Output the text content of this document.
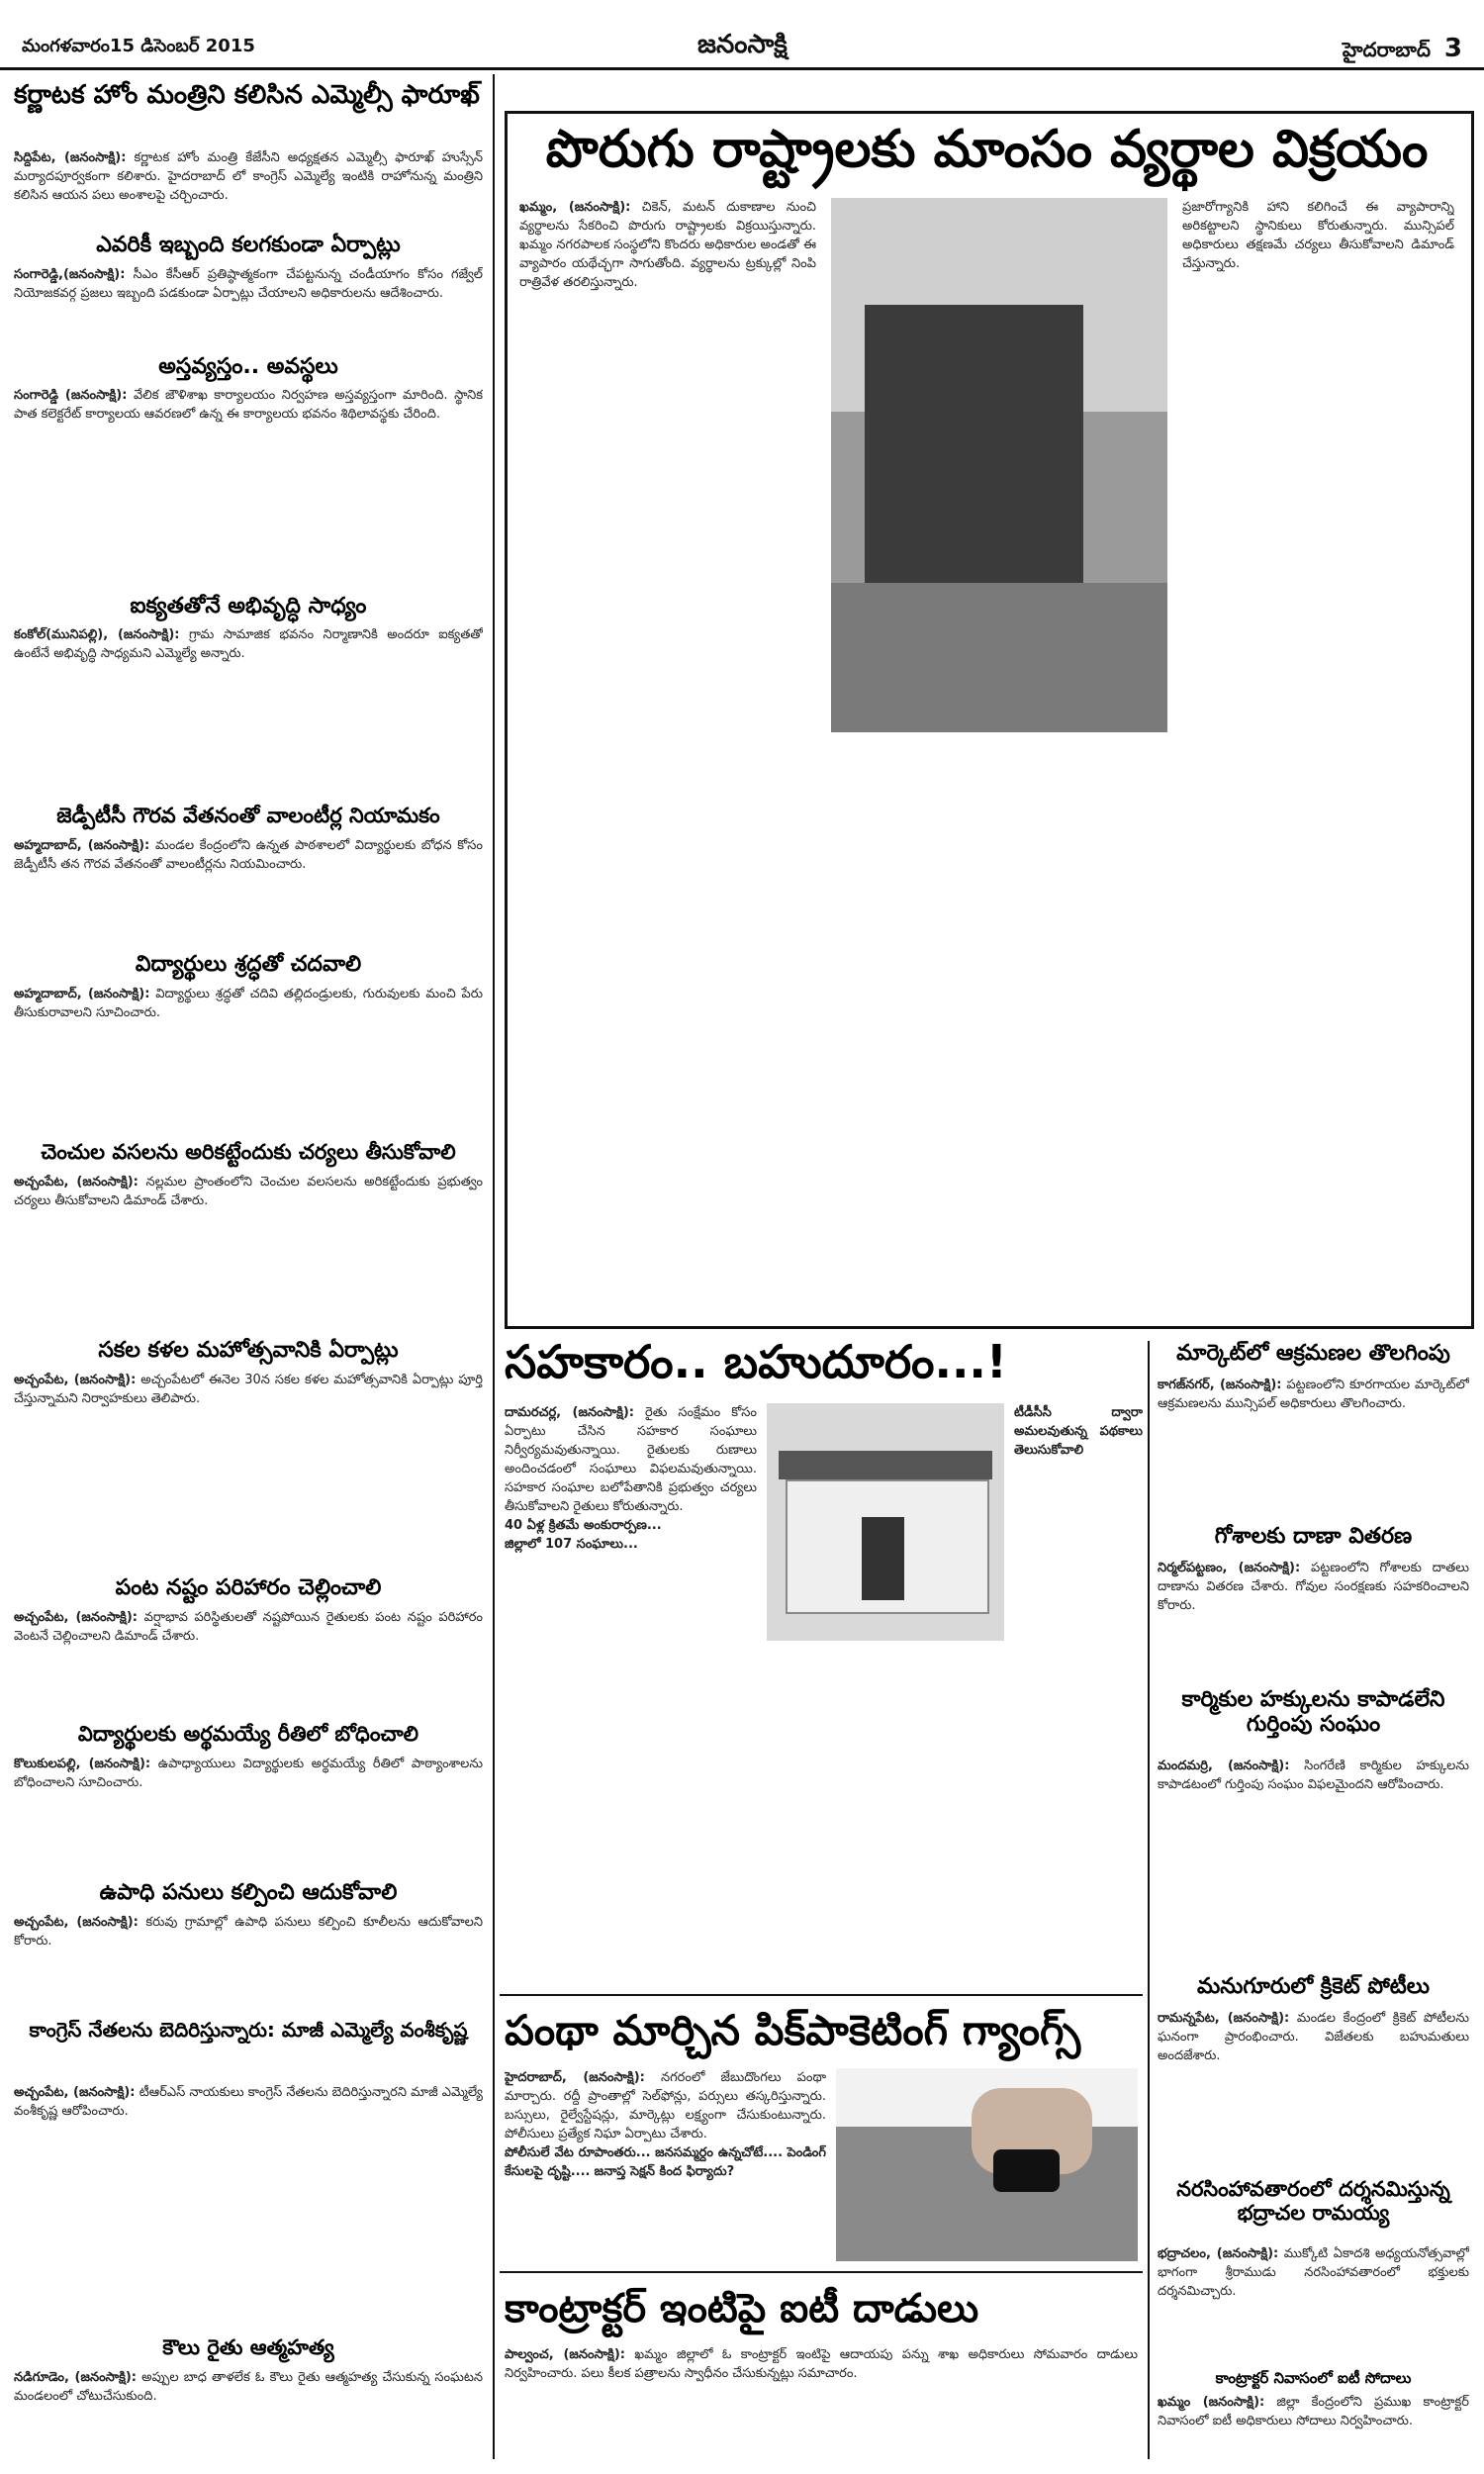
మంగళవారం15 డిసెంబర్ 2015	జనంసాక్షి	హైదరాబాద్ 3
కర్ణాటక హోం మంత్రిని కలిసిన ఎమ్మెల్సీ ఫారూఖ్
సిద్దిపేట, (జనంసాక్షి): కర్ణాటక హోం మంత్రి కేజేసీని అధ్యక్షతన ఎమ్మెల్సీ ఫారూఖ్ హుస్సేన్ మర్యాదపూర్వకంగా కలిశారు. హైదరాబాద్ లో కాంగ్రెస్ ఎమ్మెల్యే ఇంటికి రాహోనున్న మంత్రిని కలిసిన ఆయన పలు అంశాలపై చర్చించారు.
ఎవరికీ ఇబ్బంది కలగకుండా ఏర్పాట్లు
సంగారెడ్డి,(జనంసాక్షి): సీఎం కేసీఆర్ ప్రతిష్ఠాత్మకంగా చేపట్టనున్న చండీయాగం కోసం గజ్వేల్ నియోజకవర్గ ప్రజలు ఇబ్బంది పడకుండా ఏర్పాట్లు చేయాలని అధికారులను ఆదేశించారు.
అస్తవ్యస్తం.. అవస్థలు
సంగారెడ్డి (జనంసాక్షి): వేలిక జౌళిశాఖ కార్యాలయం నిర్వహణ అస్తవ్యస్తంగా మారింది. స్థానిక పాత కలెక్టరేట్ కార్యాలయ ఆవరణలో ఉన్న ఈ కార్యాలయ భవనం శిథిలావస్థకు చేరింది.
ఐక్యతతోనే అభివృద్ధి సాధ్యం
కంకోల్(మునిపల్లి), (జనంసాక్షి): గ్రామ సామాజిక భవనం నిర్మాణానికి అందరూ ఐక్యతతో ఉంటేనే అభివృద్ధి సాధ్యమని ఎమ్మెల్యే అన్నారు.
జెడ్పీటీసీ గౌరవ వేతనంతో వాలంటీర్ల నియామకం
అహ్మదాబాద్, (జనంసాక్షి): మండల కేంద్రంలోని ఉన్నత పాఠశాలలో విద్యార్థులకు బోధన కోసం జెడ్పీటీసీ తన గౌరవ వేతనంతో వాలంటీర్లను నియమించారు.
విద్యార్థులు శ్రద్ధతో చదవాలి
అహ్మదాబాద్, (జనంసాక్షి): విద్యార్థులు శ్రద్ధతో చదివి తల్లిదండ్రులకు, గురువులకు మంచి పేరు తీసుకురావాలని సూచించారు.
చెంచుల వసలను అరికట్టేందుకు చర్యలు తీసుకోవాలి
అచ్చంపేట, (జనంసాక్షి): నల్లమల ప్రాంతంలోని చెంచుల వలసలను అరికట్టేందుకు ప్రభుత్వం చర్యలు తీసుకోవాలని డిమాండ్ చేశారు.
సకల కళల మహోత్సవానికి ఏర్పాట్లు
అచ్చంపేట, (జనంసాక్షి): అచ్చంపేటలో ఈనెల 30న సకల కళల మహోత్సవానికి ఏర్పాట్లు పూర్తి చేస్తున్నామని నిర్వాహకులు తెలిపారు.
పంట నష్టం పరిహారం చెల్లించాలి
అచ్చంపేట, (జనంసాక్షి): వర్షాభావ పరిస్థితులతో నష్టపోయిన రైతులకు పంట నష్టం పరిహారం వెంటనే చెల్లించాలని డిమాండ్ చేశారు.
విద్యార్థులకు అర్థమయ్యే రీతిలో బోధించాలి
కొలుకులపల్లి, (జనంసాక్షి): ఉపాధ్యాయులు విద్యార్థులకు అర్థమయ్యే రీతిలో పాఠ్యాంశాలను బోధించాలని సూచించారు.
ఉపాధి పనులు కల్పించి ఆదుకోవాలి
అచ్చంపేట, (జనంసాక్షి): కరువు గ్రామాల్లో ఉపాధి పనులు కల్పించి కూలీలను ఆదుకోవాలని కోరారు.
కాంగ్రెస్ నేతలను బెదిరిస్తున్నారు: మాజీ ఎమ్మెల్యే వంశీకృష్ణ
అచ్చంపేట, (జనంసాక్షి): టీఆర్ఎస్ నాయకులు కాంగ్రెస్ నేతలను బెదిరిస్తున్నారని మాజీ ఎమ్మెల్యే వంశీకృష్ణ ఆరోపించారు.
కౌలు రైతు ఆత్మహత్య
నడిగూడెం, (జనంసాక్షి): అప్పుల బాధ తాళలేక ఓ కౌలు రైతు ఆత్మహత్య చేసుకున్న సంఘటన మండలంలో చోటుచేసుకుంది.
పొరుగు రాష్ట్రాలకు మాంసం వ్యర్థాల విక్రయం
ఖమ్మం, (జనంసాక్షి): చికెన్, మటన్ దుకాణాల నుంచి వ్యర్థాలను సేకరించి పొరుగు రాష్ట్రాలకు విక్రయిస్తున్నారు. ఖమ్మం నగరపాలక సంస్థలోని కొందరు అధికారుల అండతో ఈ వ్యాపారం యథేచ్ఛగా సాగుతోంది. వ్యర్థాలను ట్రక్కుల్లో నింపి రాత్రివేళ తరలిస్తున్నారు.
ప్రజారోగ్యానికి హాని కలిగించే ఈ వ్యాపారాన్ని అరికట్టాలని స్థానికులు కోరుతున్నారు. మున్సిపల్ అధికారులు తక్షణమే చర్యలు తీసుకోవాలని డిమాండ్ చేస్తున్నారు.
సహకారం.. బహుదూరం...!
దామరచర్ల, (జనంసాక్షి): రైతు సంక్షేమం కోసం ఏర్పాటు చేసిన సహకార సంఘాలు నిర్వీర్యమవుతున్నాయి. రైతులకు రుణాలు అందించడంలో సంఘాలు విఫలమవుతున్నాయి. సహకార సంఘాల బలోపేతానికి ప్రభుత్వం చర్యలు తీసుకోవాలని రైతులు కోరుతున్నారు.
40 ఏళ్ల క్రితమే అంకురార్పణ...
జిల్లాలో 107 సంఘాలు...
టీడీసీసీ ద్వారా అమలవుతున్న పథకాలు తెలుసుకోవాలి
పంథా మార్చిన పిక్‌పాకెటింగ్ గ్యాంగ్స్
హైదరాబాద్, (జనంసాక్షి): నగరంలో జేబుదొంగలు పంథా మార్చారు. రద్దీ ప్రాంతాల్లో సెల్‌ఫోన్లు, పర్సులు తస్కరిస్తున్నారు. బస్సులు, రైల్వేస్టేషన్లు, మార్కెట్లు లక్ష్యంగా చేసుకుంటున్నారు. పోలీసులు ప్రత్యేక నిఘా ఏర్పాటు చేశారు.
పోలీసులే వేట రూపాంతరు... జనసమ్మర్దం ఉన్నచోటే.... పెండింగ్ కేసులపై దృష్టి.... జనాప్త సెక్షన్ కింద ఫిర్యాదు?
కాంట్రాక్టర్ ఇంటిపై ఐటీ దాడులు
పాల్వంచ, (జనంసాక్షి): ఖమ్మం జిల్లాలో ఓ కాంట్రాక్టర్ ఇంటిపై ఆదాయపు పన్ను శాఖ అధికారులు సోమవారం దాడులు నిర్వహించారు. పలు కీలక పత్రాలను స్వాధీనం చేసుకున్నట్లు సమాచారం.
మార్కెట్‌లో ఆక్రమణల తొలగింపు
కాగజ్‌నగర్, (జనంసాక్షి): పట్టణంలోని కూరగాయల మార్కెట్‌లో ఆక్రమణలను మున్సిపల్ అధికారులు తొలగించారు.
గోశాలకు దాణా వితరణ
నిర్మల్‌పట్టణం, (జనంసాక్షి): పట్టణంలోని గోశాలకు దాతలు దాణాను వితరణ చేశారు. గోవుల సంరక్షణకు సహకరించాలని కోరారు.
కార్మికుల హక్కులను కాపాడలేని గుర్తింపు సంఘం
మందమర్రి, (జనంసాక్షి): సింగరేణి కార్మికుల హక్కులను కాపాడటంలో గుర్తింపు సంఘం విఫలమైందని ఆరోపించారు.
మనుగూరులో క్రికెట్ పోటీలు
రామన్నపేట, (జనంసాక్షి): మండల కేంద్రంలో క్రికెట్ పోటీలను ఘనంగా ప్రారంభించారు. విజేతలకు బహుమతులు అందజేశారు.
నరసింహావతారంలో దర్శనమిస్తున్న భద్రాచల రామయ్య
భద్రాచలం, (జనంసాక్షి): ముక్కోటి ఏకాదశి అధ్యయనోత్సవాల్లో భాగంగా శ్రీరాముడు నరసింహావతారంలో భక్తులకు దర్శనమిచ్చారు.
కాంట్రాక్టర్ నివాసంలో ఐటీ సోదాలు
ఖమ్మం (జనంసాక్షి): జిల్లా కేంద్రంలోని ప్రముఖ కాంట్రాక్టర్ నివాసంలో ఐటీ అధికారులు సోదాలు నిర్వహించారు.
